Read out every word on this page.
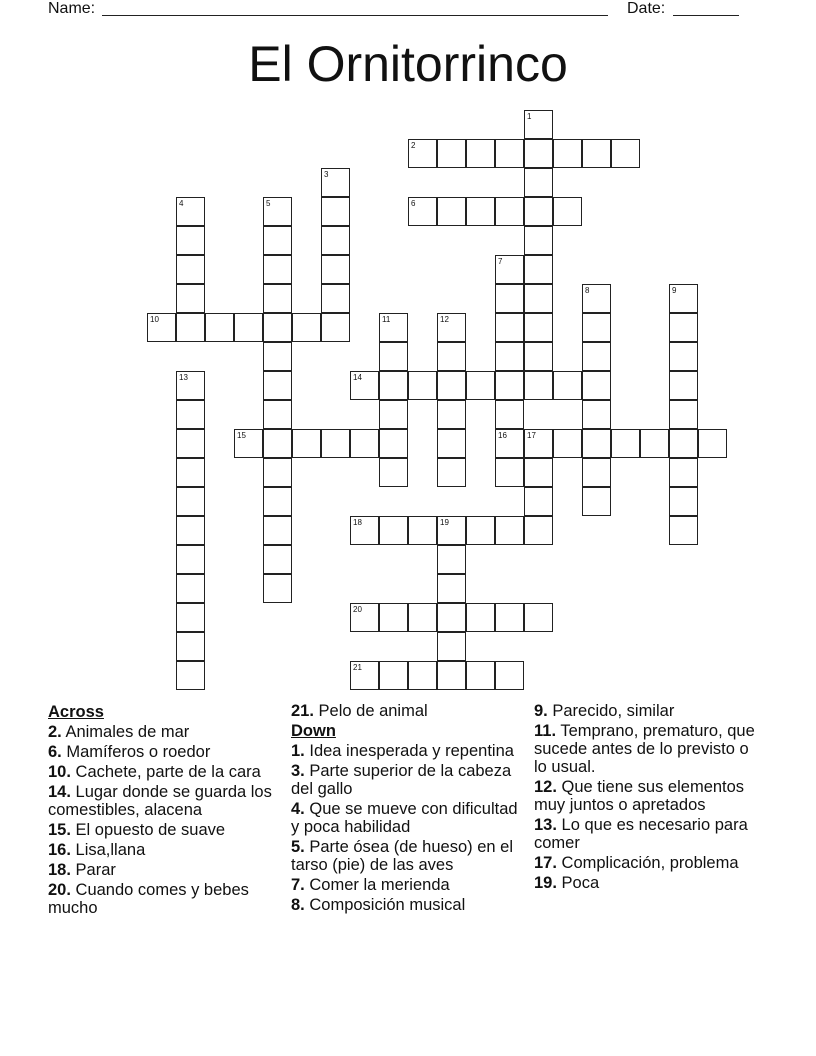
Name:	Date:
El Ornitorrinco
1
2
3
4	5	6
7
16
8	9
10	11	12
13	14
15	17
18	19
20
21
Across
2. Animales de mar
6. Mamíferos o roedor
10. Cachete, parte de la cara
14. Lugar donde se guarda los comestibles, alacena
15. El opuesto de suave
16. Lisa,llana
18. Parar
20. Cuando comes y bebes mucho
21. Pelo de animal
Down
1. Idea inesperada y repentina
3. Parte superior de la cabeza del gallo
4. Que se mueve con dificultad y poca habilidad
5. Parte ósea (de hueso) en el tarso (pie) de las aves
7. Comer la merienda
8. Composición musical
9. Parecido, similar
11. Temprano, prematuro, que sucede antes de lo previsto o lo usual.
12. Que tiene sus elementos muy juntos o apretados
13. Lo que es necesario para comer
17. Complicación, problema
19. Poca
